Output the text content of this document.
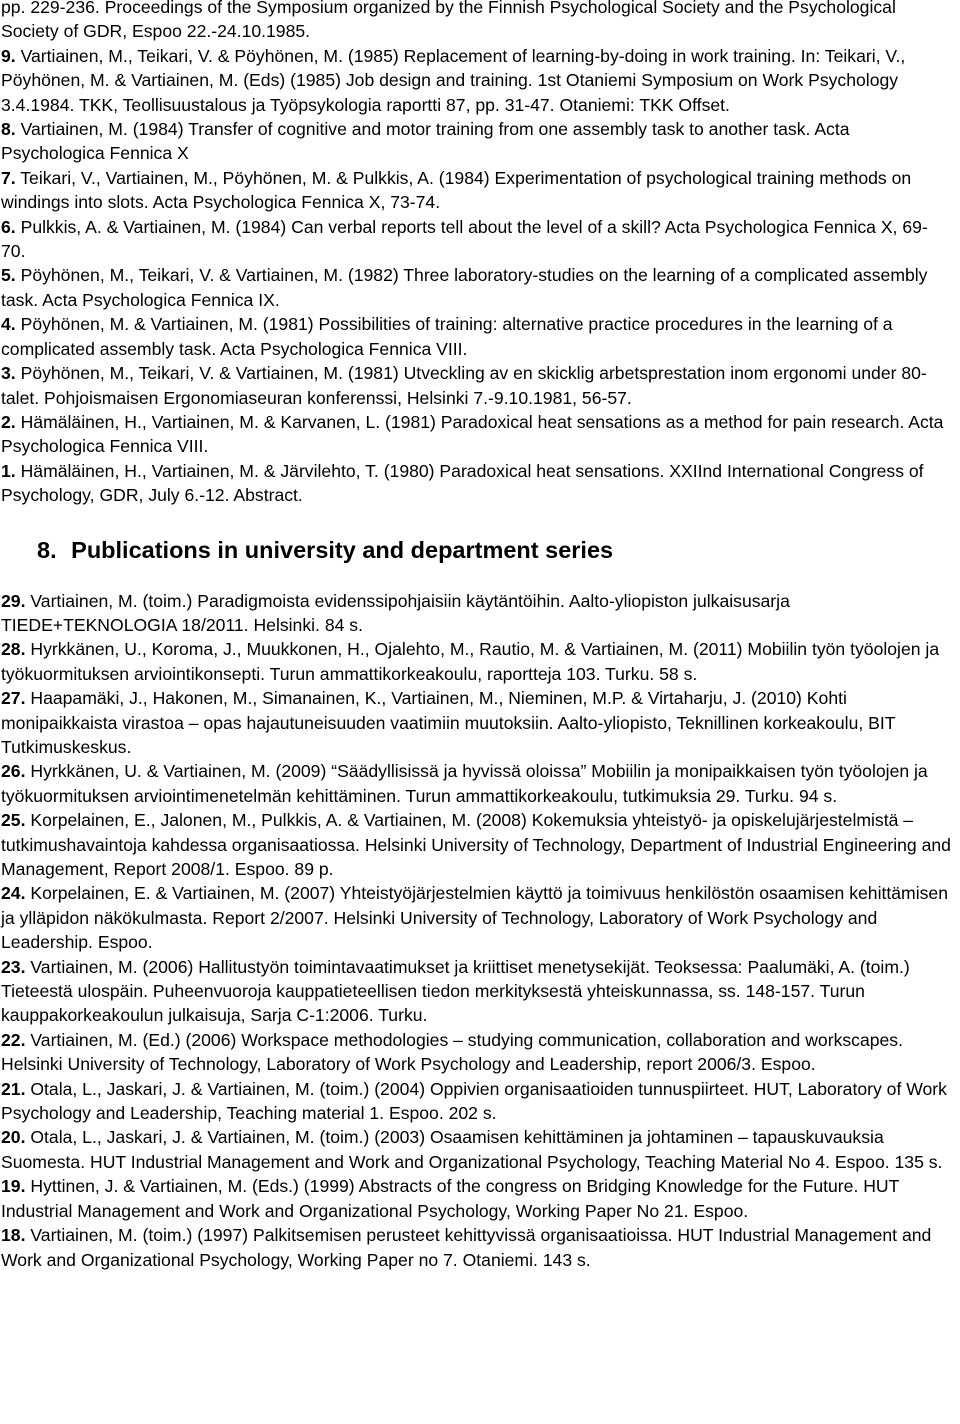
pp. 229-236. Proceedings of the Symposium organized by the Finnish Psychological Society and the Psychological Society of GDR, Espoo 22.-24.10.1985.

9. Vartiainen, M., Teikari, V. & Pöyhönen, M. (1985) Replacement of learning-by-doing in work training. In: Teikari, V., Pöyhönen, M. & Vartiainen, M. (Eds) (1985) Job design and training. 1st Otaniemi Symposium on Work Psychology 3.4.1984. TKK, Teollisuustalous ja Työpsykologia raportti 87, pp. 31-47. Otaniemi: TKK Offset.

8. Vartiainen, M. (1984) Transfer of cognitive and motor training from one assembly task to another task. Acta Psychologica Fennica X

7. Teikari, V., Vartiainen, M., Pöyhönen, M. & Pulkkis, A. (1984) Experimentation of psychological training methods on windings into slots. Acta Psychologica Fennica X, 73-74.

6. Pulkkis, A. & Vartiainen, M. (1984) Can verbal reports tell about the level of a skill? Acta Psychologica Fennica X, 69-70.

5. Pöyhönen, M., Teikari, V. & Vartiainen, M. (1982) Three laboratory-studies on the learning of a complicated assembly task. Acta Psychologica Fennica IX.

4. Pöyhönen, M. & Vartiainen, M. (1981) Possibilities of training: alternative practice procedures in the learning of a complicated assembly task. Acta Psychologica Fennica VIII.

3. Pöyhönen, M., Teikari, V. & Vartiainen, M. (1981) Utveckling av en skicklig arbetsprestation inom ergonomi under 80-talet. Pohjoismaisen Ergonomiaseuran konferenssi, Helsinki 7.-9.10.1981, 56-57.

2. Hämäläinen, H., Vartiainen, M. & Karvanen, L. (1981) Paradoxical heat sensations as a method for pain research. Acta Psychologica Fennica VIII.

1. Hämäläinen, H., Vartiainen, M. & Järvilehto, T. (1980) Paradoxical heat sensations. XXIInd International Congress of Psychology, GDR, July 6.-12. Abstract.

8. Publications in university and department series

29. Vartiainen, M. (toim.) Paradigmoista evidenssipohjaisiin käytäntöihin. Aalto-yliopiston julkaisusarja TIEDE+TEKNOLOGIA 18/2011. Helsinki. 84 s.

28. Hyrkkänen, U., Koroma, J., Muukkonen, H., Ojalehto, M., Rautio, M. & Vartiainen, M. (2011) Mobiilin työn työolojen ja työkuormituksen arviointikonsepti. Turun ammattikorkeakoulu, raportteja 103. Turku. 58 s.

27. Haapamäki, J., Hakonen, M., Simanainen, K., Vartiainen, M., Nieminen, M.P. & Virtaharju, J. (2010) Kohti monipaikkaista virastoa – opas hajautuneisuuden vaatimiin muutoksiin. Aalto-yliopisto, Teknillinen korkeakoulu, BIT Tutkimuskeskus.

26. Hyrkkänen, U. & Vartiainen, M. (2009) “Säädyllisissä ja hyvissä oloissa” Mobiilin ja monipaikkaisen työn työolojen ja työkuormituksen arviointimenetelmän kehittäminen. Turun ammattikorkeakoulu, tutkimuksia 29. Turku. 94 s.

25. Korpelainen, E., Jalonen, M., Pulkkis, A. & Vartiainen, M. (2008) Kokemuksia yhteistyö- ja opiskelujärjestelmistä – tutkimushavaintoja kahdessa organisaatiossa. Helsinki University of Technology, Department of Industrial Engineering and Management, Report 2008/1. Espoo. 89 p.

24. Korpelainen, E. & Vartiainen, M. (2007) Yhteistyöjärjestelmien käyttö ja toimivuus henkilöstön osaamisen kehittämisen ja ylläpidon näkökulmasta. Report 2/2007. Helsinki University of Technology, Laboratory of Work Psychology and Leadership. Espoo.

23. Vartiainen, M. (2006) Hallitustyön toimintavaatimukset ja kriittiset menetysekijät. Teoksessa: Paalumäki, A. (toim.) Tieteestä ulospäin. Puheenvuoroja kauppatieteellisen tiedon merkityksestä yhteiskunnassa, ss. 148-157. Turun kauppakorkeakoulun julkaisuja, Sarja C-1:2006. Turku.

22. Vartiainen, M. (Ed.) (2006) Workspace methodologies – studying communication, collaboration and workscapes. Helsinki University of Technology, Laboratory of Work Psychology and Leadership, report 2006/3. Espoo.

21. Otala, L., Jaskari, J. & Vartiainen, M. (toim.) (2004) Oppivien organisaatioiden tunnuspiirteet. HUT, Laboratory of Work Psychology and Leadership, Teaching material 1. Espoo. 202 s.

20. Otala, L., Jaskari, J. & Vartiainen, M. (toim.) (2003) Osaamisen kehittäminen ja johtaminen – tapauskuvauksia Suomesta. HUT Industrial Management and Work and Organizational Psychology, Teaching Material No 4. Espoo. 135 s.

19. Hyttinen, J. & Vartiainen, M. (Eds.) (1999) Abstracts of the congress on Bridging Knowledge for the Future. HUT Industrial Management and Work and Organizational Psychology, Working Paper No 21. Espoo.

18. Vartiainen, M. (toim.) (1997) Palkitsemisen perusteet kehittyvissä organisaatioissa. HUT Industrial Management and Work and Organizational Psychology, Working Paper no 7. Otaniemi. 143 s.
